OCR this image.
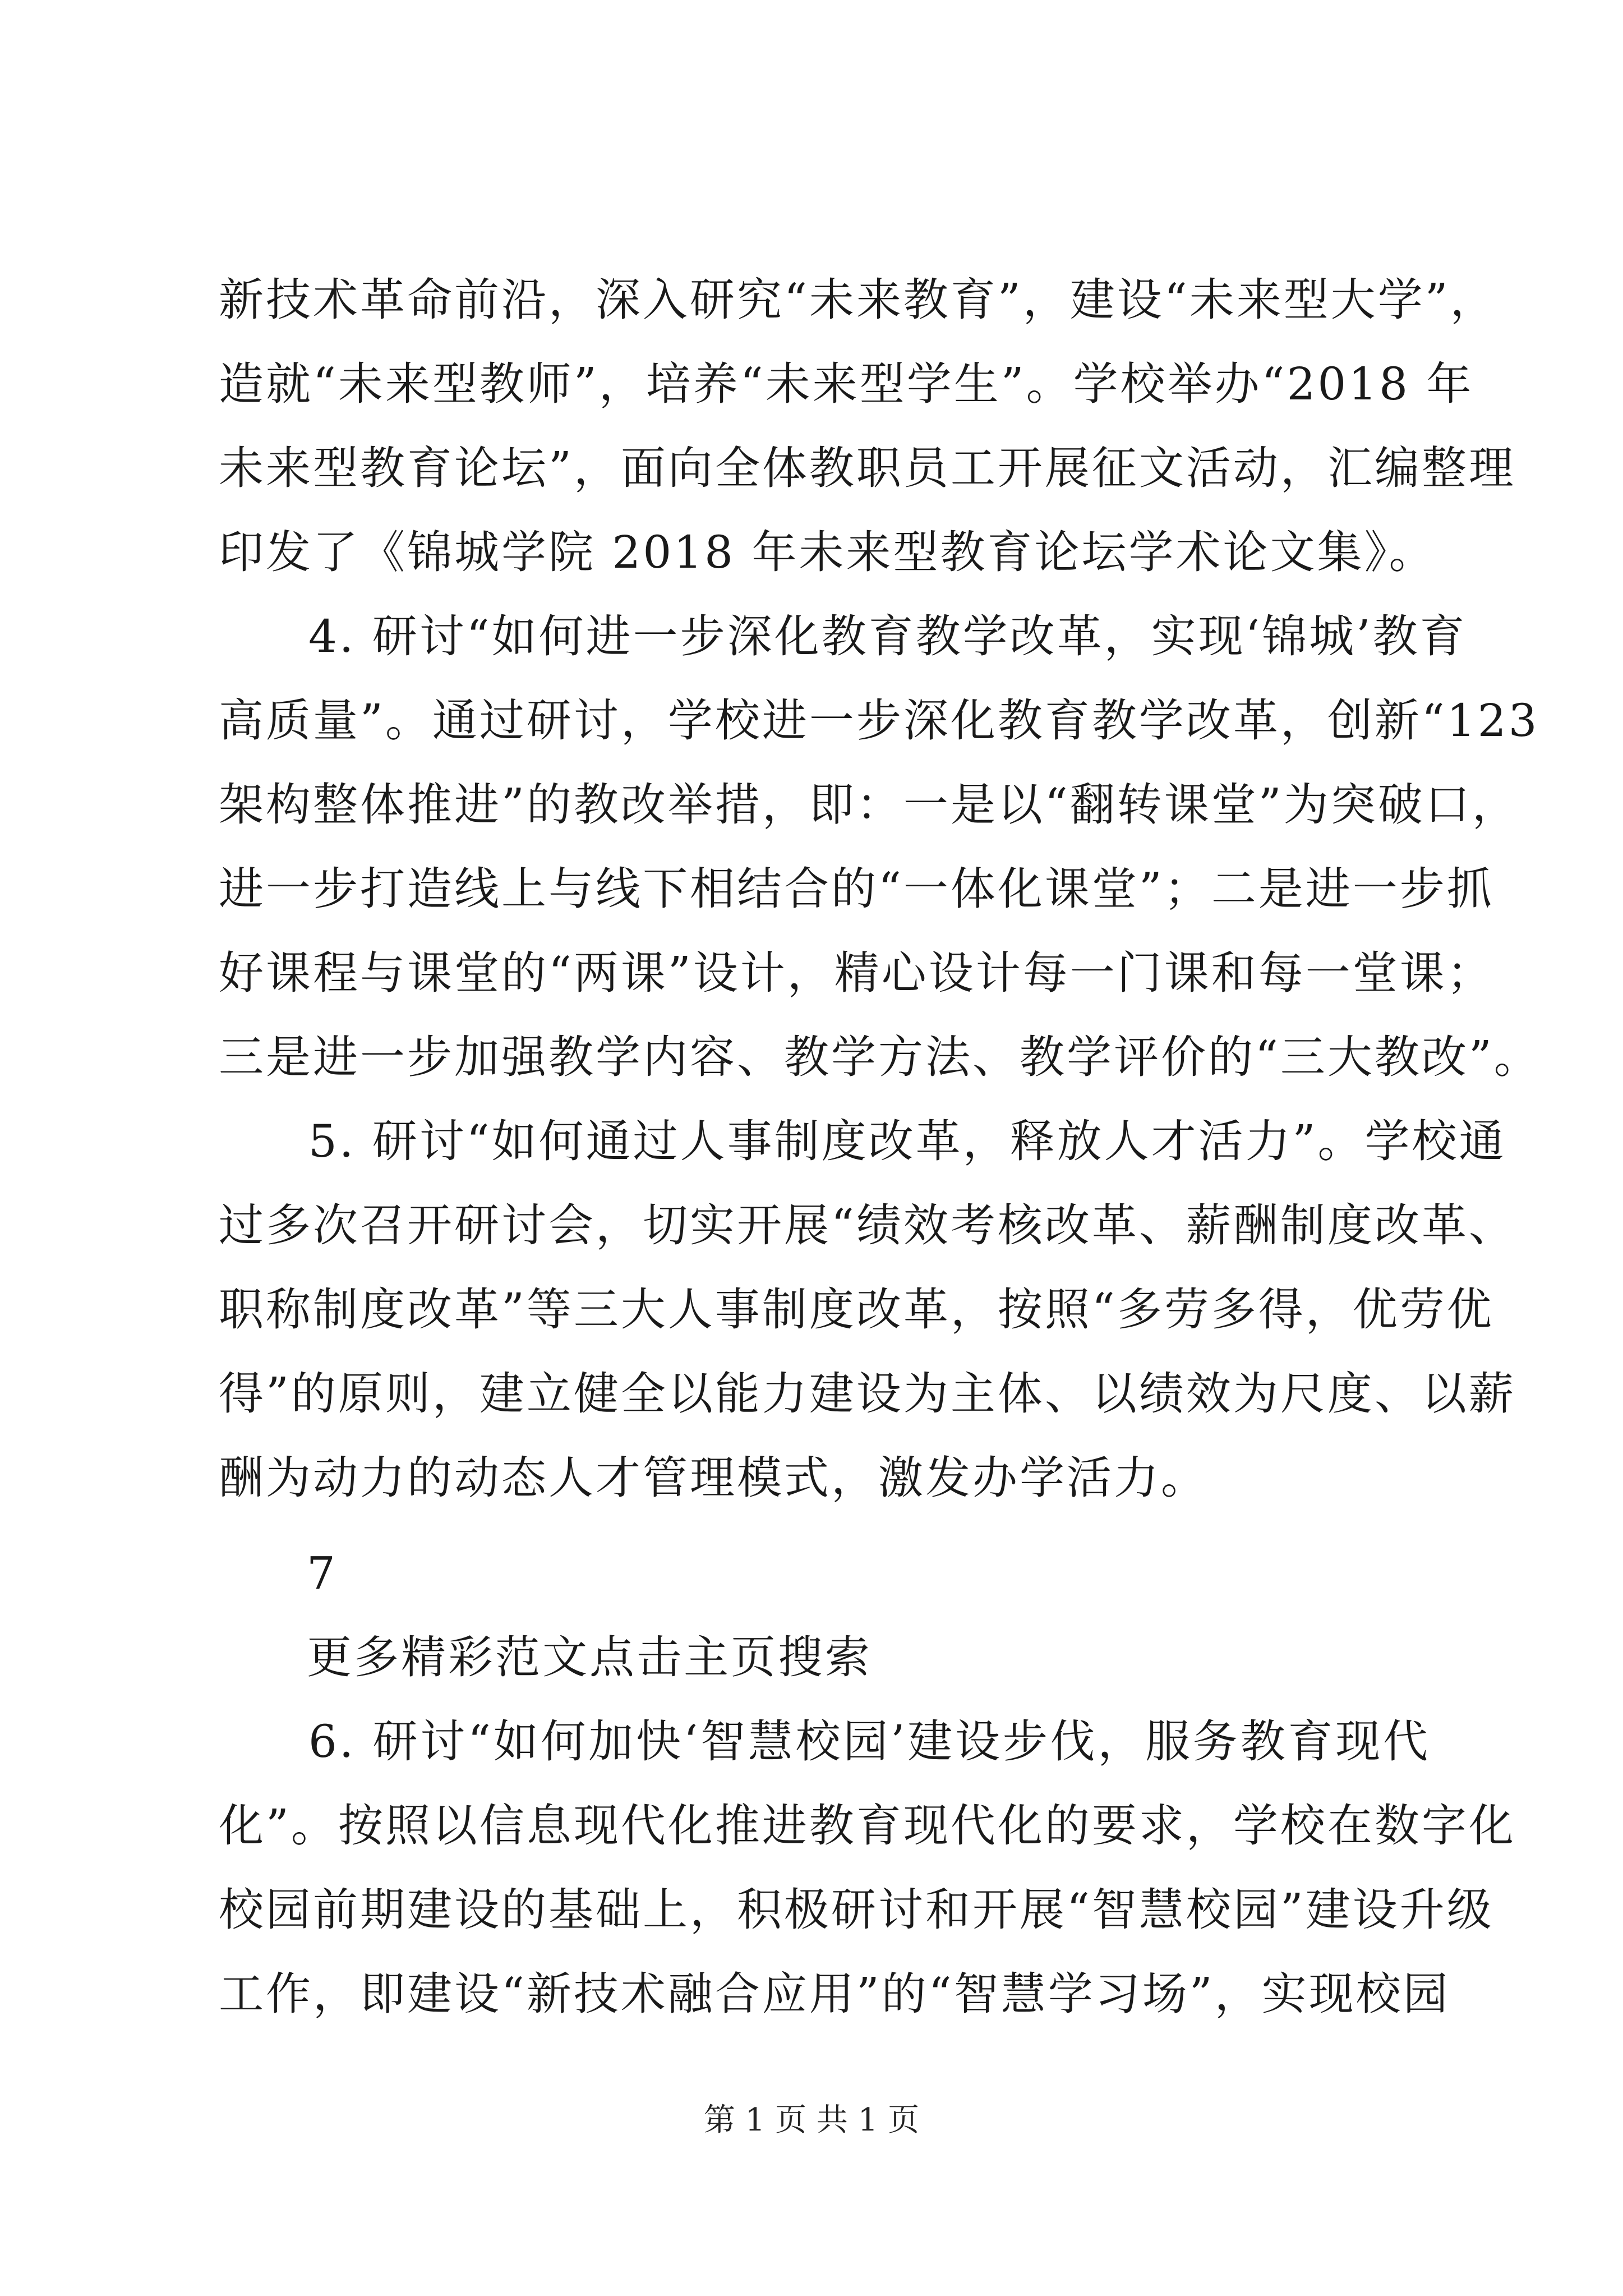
新技术革命前沿，深入研究“未来教育”，建设“未来型大学”，
造就“未来型教师”，培养“未来型学生”。学校举办“2018 年
未来型教育论坛”，面向全体教职员工开展征文活动，汇编整理
印发了《锦城学院 2018 年未来型教育论坛学术论文集》。
4. 研讨“如何进一步深化教育教学改革，实现‘锦城’教育
高质量”。通过研讨，学校进一步深化教育教学改革，创新“123
架构整体推进”的教改举措，即：一是以“翻转课堂”为突破口，
进一步打造线上与线下相结合的“一体化课堂”；二是进一步抓
好课程与课堂的“两课”设计，精心设计每一门课和每一堂课；
三是进一步加强教学内容、教学方法、教学评价的“三大教改”。
5. 研讨“如何通过人事制度改革，释放人才活力”。学校通
过多次召开研讨会，切实开展“绩效考核改革、薪酬制度改革、
职称制度改革”等三大人事制度改革，按照“多劳多得，优劳优
得”的原则，建立健全以能力建设为主体、以绩效为尺度、以薪
酬为动力的动态人才管理模式，激发办学活力。
7
更多精彩范文点击主页搜索
6. 研讨“如何加快‘智慧校园’建设步伐，服务教育现代
化”。按照以信息现代化推进教育现代化的要求，学校在数字化
校园前期建设的基础上，积极研讨和开展“智慧校园”建设升级
工作，即建设“新技术融合应用”的“智慧学习场”，实现校园
第 1 页 共 1 页
